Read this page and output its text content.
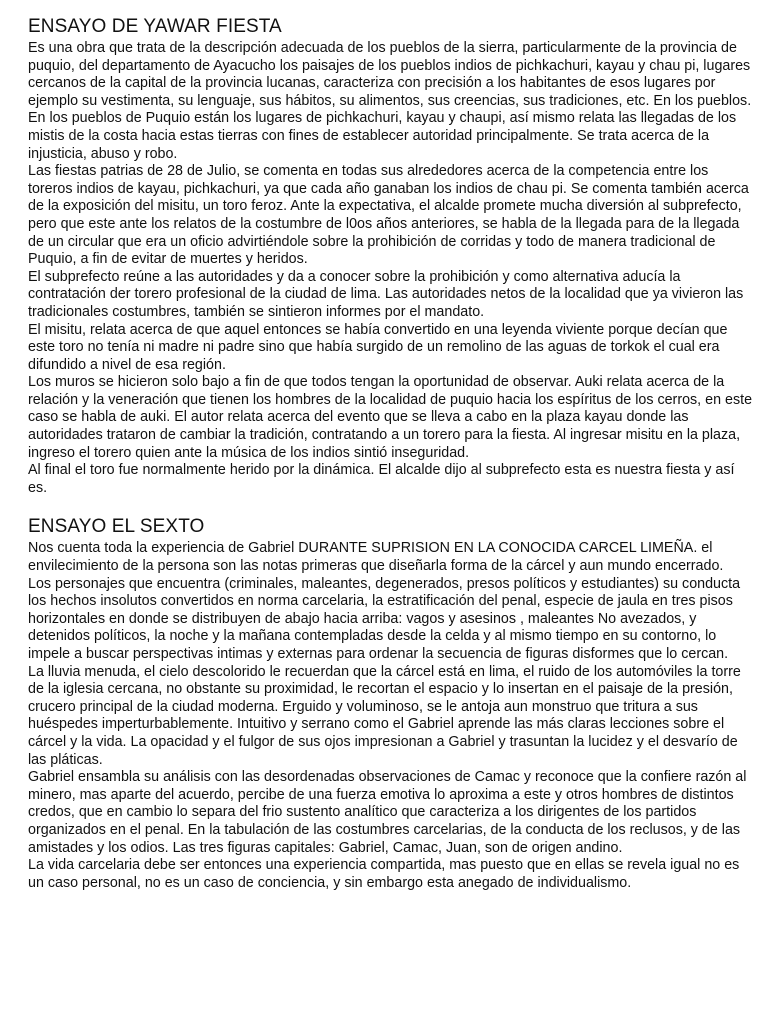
ENSAYO DE YAWAR FIESTA

Es una obra que trata de la descripción adecuada de los pueblos de la sierra, particularmente de la provincia de puquio, del departamento de Ayacucho los paisajes de los pueblos indios de pichkachuri, kayau y chau pi, lugares cercanos de la capital de la provincia lucanas, caracteriza con precisión a los habitantes de esos lugares por ejemplo su vestimenta, su lenguaje, sus hábitos, su alimentos, sus creencias, sus tradiciones, etc. En los pueblos.

En los pueblos de Puquio están los lugares de pichkachuri, kayau y chaupi, así mismo relata las llegadas de los mistis de la costa hacia estas tierras con fines de establecer autoridad principalmente. Se trata acerca de la injusticia, abuso y robo.

Las fiestas patrias de 28 de Julio, se comenta en todas sus alrededores acerca de la competencia entre los toreros indios de kayau, pichkachuri, ya que cada año ganaban los indios de chau pi. Se comenta también acerca de la exposición del misitu, un toro feroz. Ante la expectativa, el alcalde promete mucha diversión al subprefecto, pero que este ante los relatos de la costumbre de l0os años anteriores, se habla de la llegada para de la llegada de un circular que era un oficio advirtiéndole sobre la prohibición de corridas y todo de manera tradicional de Puquio, a fin de evitar de muertes y heridos.

El subprefecto reúne a las autoridades y da a conocer sobre la prohibición y como alternativa aducía la contratación der torero profesional de la ciudad de lima. Las autoridades netos de la localidad que ya vivieron las tradicionales costumbres, también se sintieron informes por el mandato.

El misitu, relata acerca de que aquel entonces se había convertido en una leyenda viviente porque decían que este toro no tenía ni madre ni padre sino que había surgido de un remolino de las aguas de torkok el cual era difundido a nivel de esa región.

Los muros se hicieron solo bajo a fin de que todos tengan la oportunidad de observar. Auki relata acerca de la relación y la veneración que tienen los hombres de la localidad de puquio hacia los espíritus de los cerros, en este caso se habla de auki. El autor relata acerca del evento que se lleva a cabo en la plaza kayau donde las autoridades trataron de cambiar la tradición, contratando a un torero para la fiesta. Al ingresar misitu en la plaza, ingreso el torero quien ante la música de los indios sintió inseguridad.

Al final el toro fue normalmente herido por la dinámica. El alcalde dijo al subprefecto esta es nuestra fiesta y así es.

ENSAYO EL SEXTO

Nos cuenta toda la experiencia de Gabriel DURANTE SUPRISION EN LA CONOCIDA CARCEL LIMEÑA. el envilecimiento de la persona son las notas primeras que diseñarla forma de la cárcel y aun mundo encerrado.

Los personajes que encuentra (criminales, maleantes, degenerados, presos políticos y estudiantes) su conducta los hechos insolutos convertidos en norma carcelaria, la estratificación del penal, especie de jaula en tres pisos horizontales en donde se distribuyen de abajo hacia arriba: vagos y asesinos , maleantes No avezados, y detenidos políticos, la noche y la mañana contempladas desde la celda y al mismo tiempo en su contorno, lo impele a buscar perspectivas intimas y externas para ordenar la secuencia de figuras disformes que lo cercan.

La lluvia menuda, el cielo descolorido le recuerdan que la cárcel está en lima, el ruido de los automóviles la torre de la iglesia cercana, no obstante su proximidad, le recortan el espacio y lo insertan en el paisaje de la presión, crucero principal de la ciudad moderna. Erguido y voluminoso, se le antoja aun monstruo que tritura a sus huéspedes imperturbablemente. Intuitivo y serrano como el Gabriel aprende las más claras lecciones sobre el cárcel y la vida. La opacidad y el fulgor de sus ojos impresionan a Gabriel y trasuntan la lucidez y el desvarío de las pláticas.

Gabriel ensambla su análisis con las desordenadas observaciones de Camac y reconoce que la confiere razón al minero, mas aparte del acuerdo, percibe de una fuerza emotiva lo aproxima a este y otros hombres de distintos credos, que en cambio lo separa del frio sustento analítico que caracteriza a los dirigentes de los partidos organizados en el penal. En la tabulación de las costumbres carcelarias, de la conducta de los reclusos, y de las amistades y los odios. Las tres figuras capitales: Gabriel, Camac, Juan, son de origen andino.

La vida carcelaria debe ser entonces una experiencia compartida, mas puesto que en ellas se revela igual no es un caso personal, no es un caso de conciencia, y sin embargo esta anegado de individualismo.
